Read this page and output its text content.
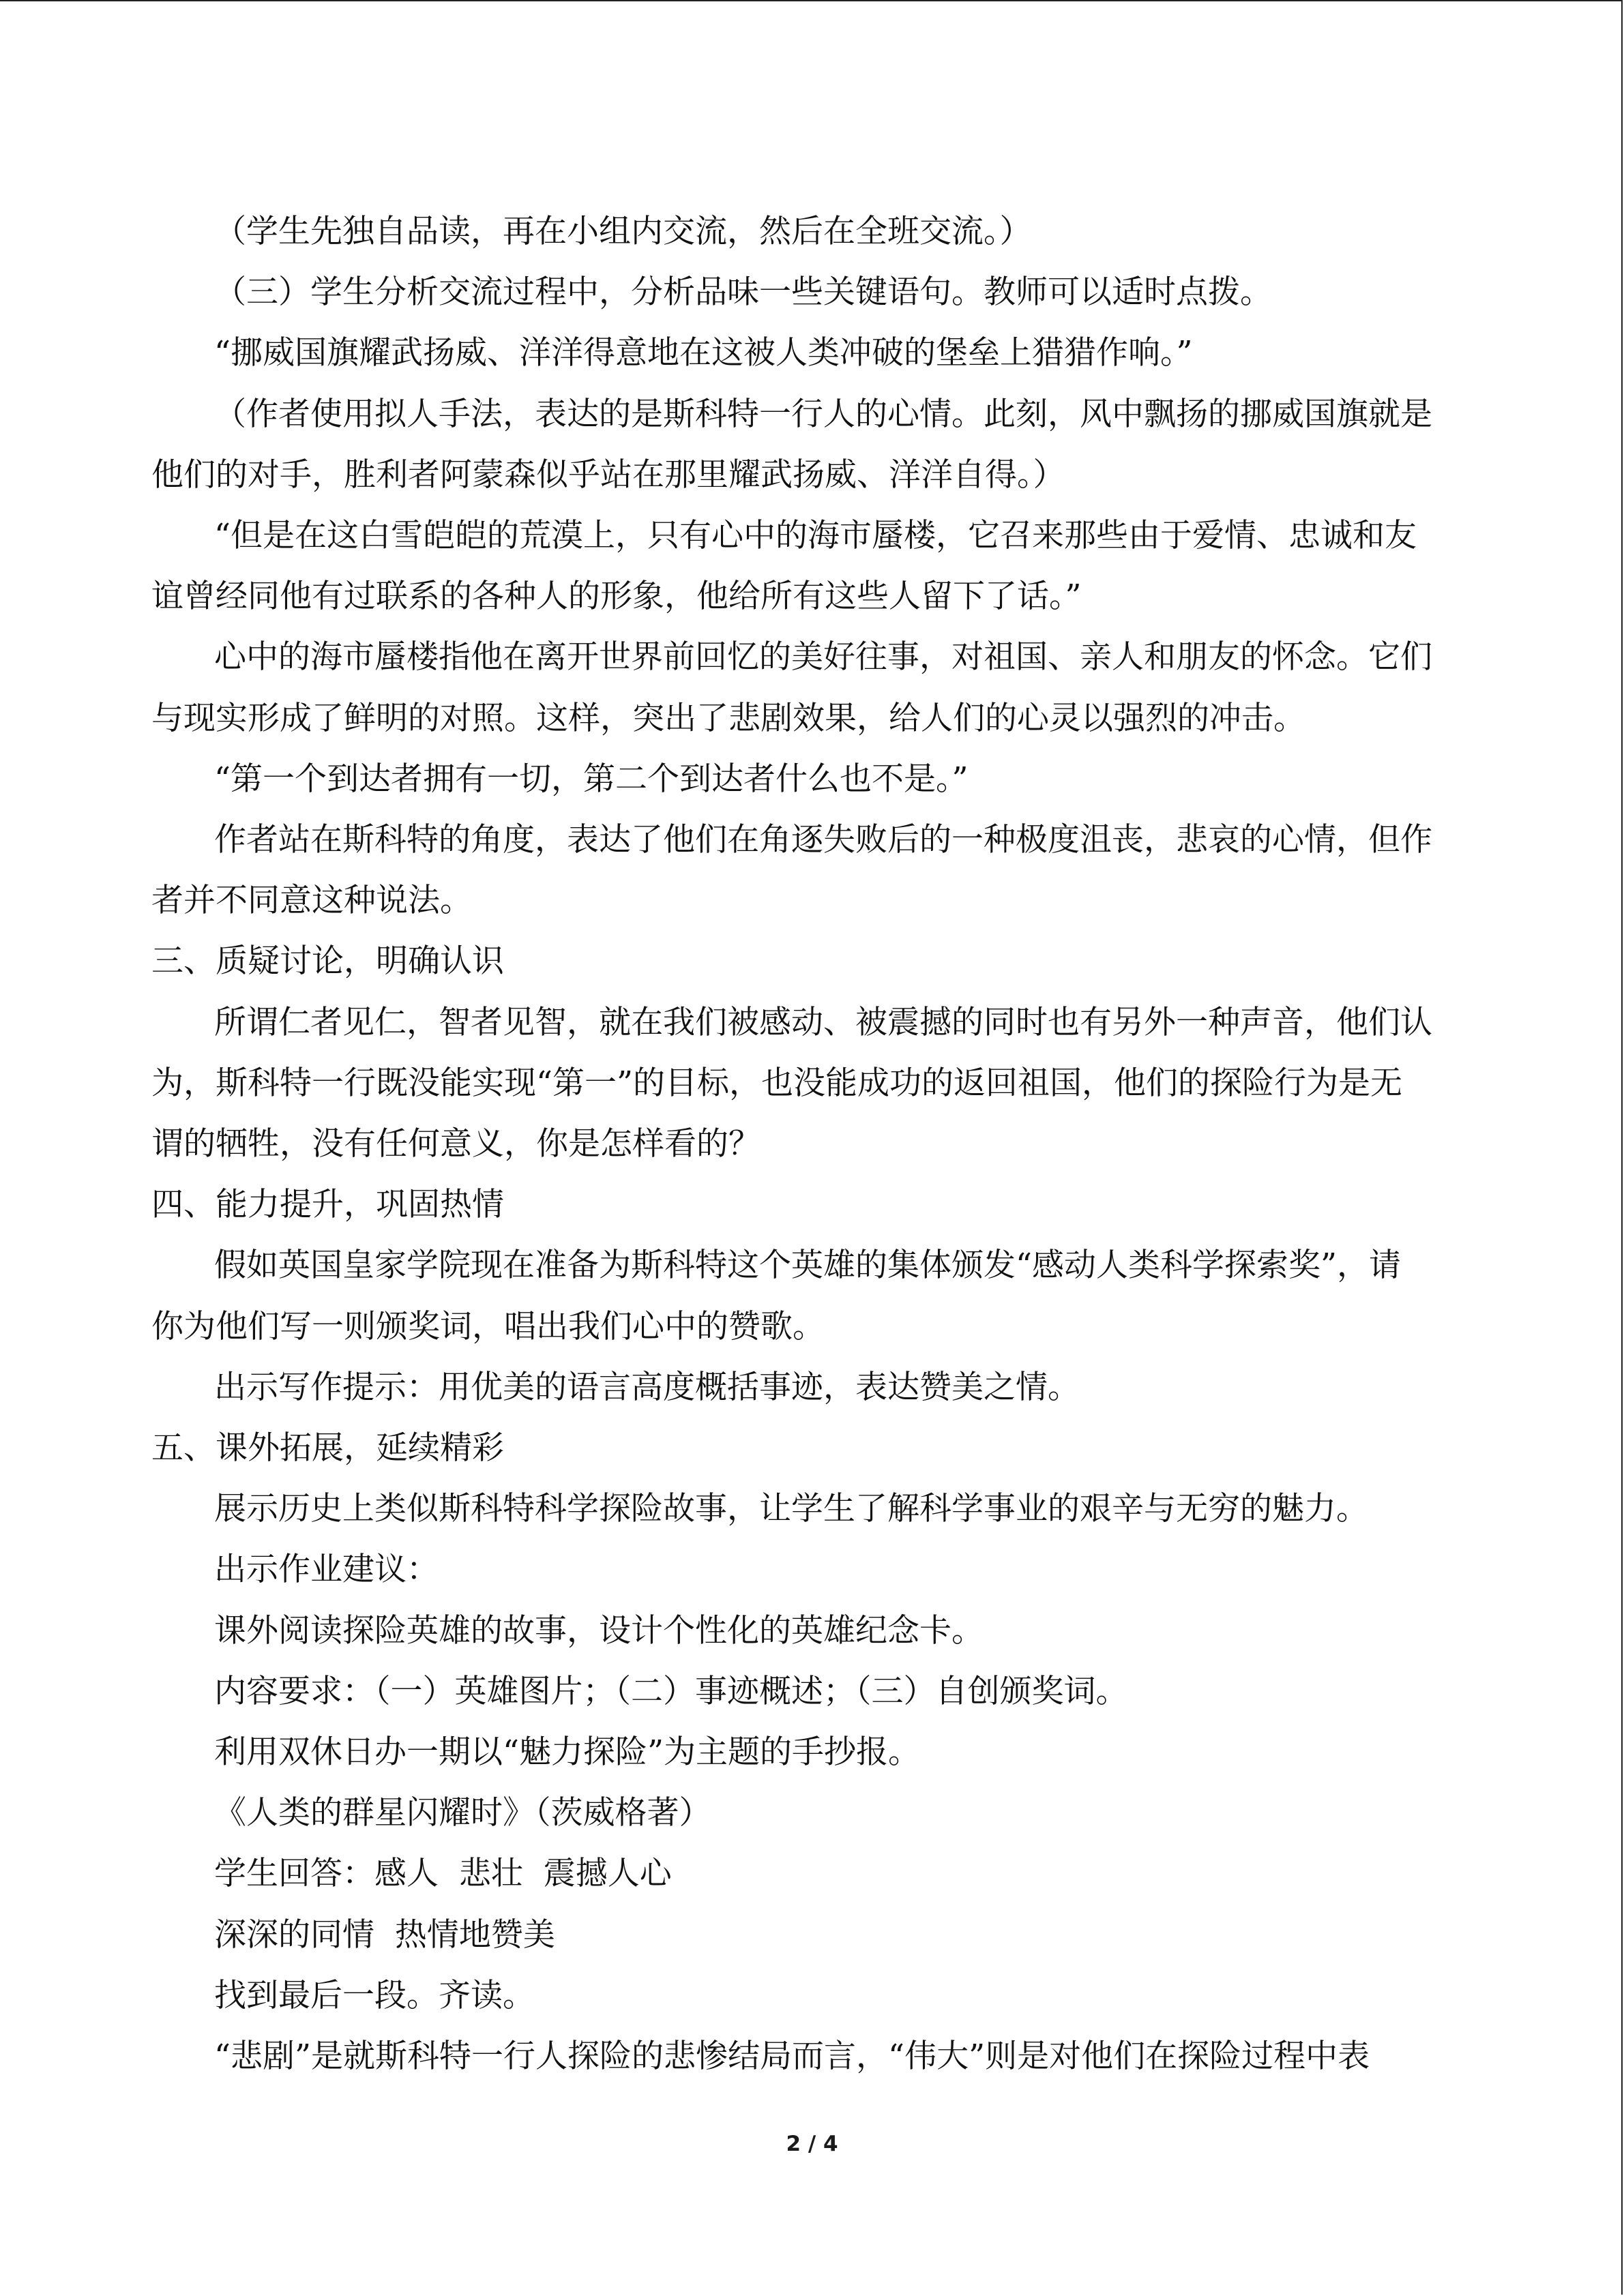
（学生先独自品读，再在小组内交流，然后在全班交流。）
（三）学生分析交流过程中，分析品味一些关键语句。教师可以适时点拨。
“挪威国旗耀武扬威、洋洋得意地在这被人类冲破的堡垒上猎猎作响。”
（作者使用拟人手法，表达的是斯科特一行人的心情。此刻，风中飘扬的挪威国旗就是
他们的对手，胜利者阿蒙森似乎站在那里耀武扬威、洋洋自得。）
“但是在这白雪皑皑的荒漠上，只有心中的海市蜃楼，它召来那些由于爱情、忠诚和友
谊曾经同他有过联系的各种人的形象，他给所有这些人留下了话。”
心中的海市蜃楼指他在离开世界前回忆的美好往事，对祖国、亲人和朋友的怀念。它们
与现实形成了鲜明的对照。这样，突出了悲剧效果，给人们的心灵以强烈的冲击。
“第一个到达者拥有一切，第二个到达者什么也不是。”
作者站在斯科特的角度，表达了他们在角逐失败后的一种极度沮丧，悲哀的心情，但作
者并不同意这种说法。
三、质疑讨论，明确认识
所谓仁者见仁，智者见智，就在我们被感动、被震撼的同时也有另外一种声音，他们认
为，斯科特一行既没能实现“第一”的目标，也没能成功的返回祖国，他们的探险行为是无
谓的牺牲，没有任何意义，你是怎样看的？
四、能力提升，巩固热情
假如英国皇家学院现在准备为斯科特这个英雄的集体颁发“感动人类科学探索奖”，请
你为他们写一则颁奖词，唱出我们心中的赞歌。
出示写作提示：用优美的语言高度概括事迹，表达赞美之情。
五、课外拓展，延续精彩
展示历史上类似斯科特科学探险故事，让学生了解科学事业的艰辛与无穷的魅力。
出示作业建议：
课外阅读探险英雄的故事，设计个性化的英雄纪念卡。
内容要求：（一）英雄图片；（二）事迹概述；（三）自创颁奖词。
利用双休日办一期以“魅力探险”为主题的手抄报。
《人类的群星闪耀时》（茨威格著）
学生回答：感人  悲壮  震撼人心
深深的同情  热情地赞美
找到最后一段。齐读。
“悲剧”是就斯科特一行人探险的悲惨结局而言，“伟大”则是对他们在探险过程中表
2 / 4
